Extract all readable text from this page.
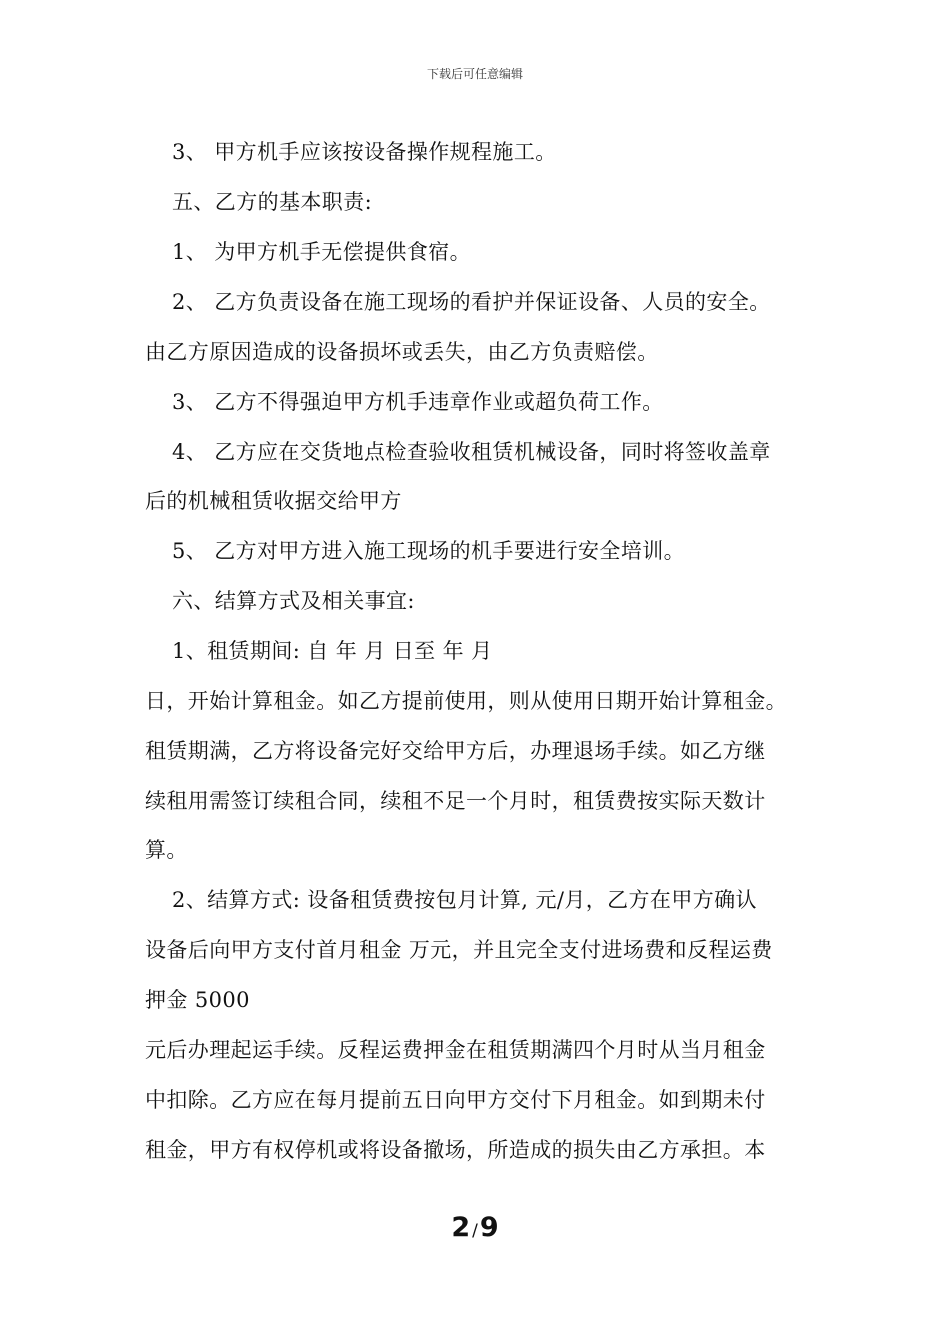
下载后可任意编辑
3、 甲方机手应该按设备操作规程施工。
五、乙方的基本职责:
1、 为甲方机手无偿提供食宿。
2、 乙方负责设备在施工现场的看护并保证设备、人员的安全。
由乙方原因造成的设备损坏或丢失，由乙方负责赔偿。
3、 乙方不得强迫甲方机手违章作业或超负荷工作。
4、 乙方应在交货地点检查验收租赁机械设备，同时将签收盖章
后的机械租赁收据交给甲方
5、 乙方对甲方进入施工现场的机手要进行安全培训。
六、结算方式及相关事宜:
1、租赁期间: 自 年 月 日至 年 月
日，开始计算租金。如乙方提前使用，则从使用日期开始计算租金。
租赁期满，乙方将设备完好交给甲方后，办理退场手续。如乙方继
续租用需签订续租合同，续租不足一个月时，租赁费按实际天数计
算。
2、结算方式: 设备租赁费按包月计算, 元/月，乙方在甲方确认
设备后向甲方支付首月租金 万元，并且完全支付进场费和反程运费
押金 5000
元后办理起运手续。反程运费押金在租赁期满四个月时从当月租金
中扣除。乙方应在每月提前五日向甲方交付下月租金。如到期未付
租金，甲方有权停机或将设备撤场，所造成的损失由乙方承担。本
2 /9
